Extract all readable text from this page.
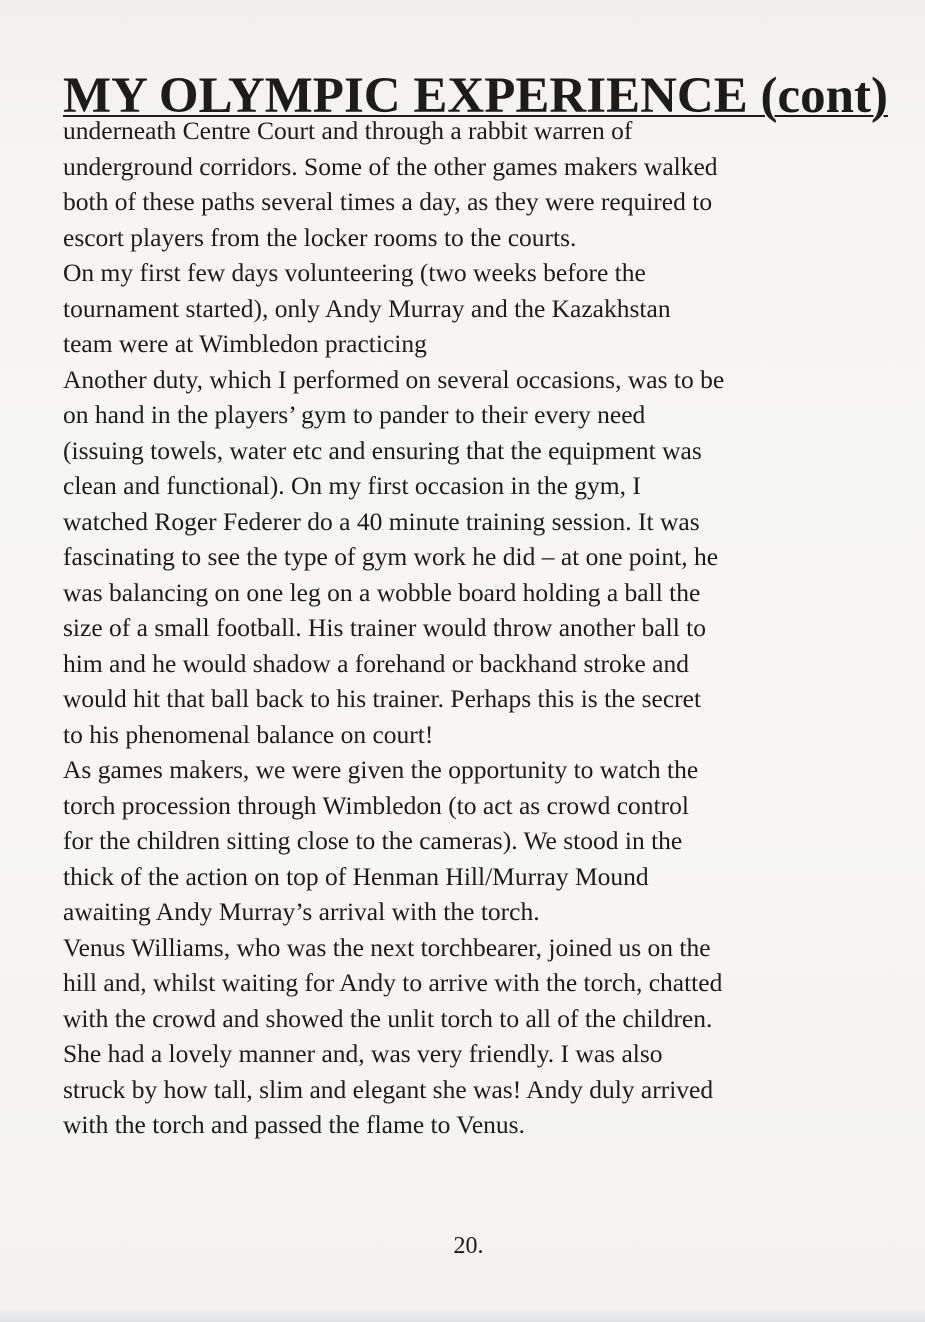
MY OLYMPIC EXPERIENCE (cont)
underneath Centre Court and through a rabbit warren of
underground corridors. Some of the other games makers walked
both of these paths several times a day, as they were required to
escort players from the locker rooms to the courts.
On my first few days volunteering (two weeks before the
tournament started), only Andy Murray and the Kazakhstan
team were at Wimbledon practicing
Another duty, which I performed on several occasions, was to be
on hand in the players’ gym to pander to their every need
(issuing towels, water etc and ensuring that the equipment was
clean and functional). On my first occasion in the gym, I
watched Roger Federer do a 40 minute training session. It was
fascinating to see the type of gym work he did – at one point, he
was balancing on one leg on a wobble board holding a ball the
size of a small football. His trainer would throw another ball to
him and he would shadow a forehand or backhand stroke and
would hit that ball back to his trainer. Perhaps this is the secret
to his phenomenal balance on court!
As games makers, we were given the opportunity to watch the
torch procession through Wimbledon (to act as crowd control
for the children sitting close to the cameras). We stood in the
thick of the action on top of Henman Hill/Murray Mound
awaiting Andy Murray’s arrival with the torch.
Venus Williams, who was the next torchbearer, joined us on the
hill and, whilst waiting for Andy to arrive with the torch, chatted
with the crowd and showed the unlit torch to all of the children.
She had a lovely manner and, was very friendly. I was also
struck by how tall, slim and elegant she was! Andy duly arrived
with the torch and passed the flame to Venus.
20.
